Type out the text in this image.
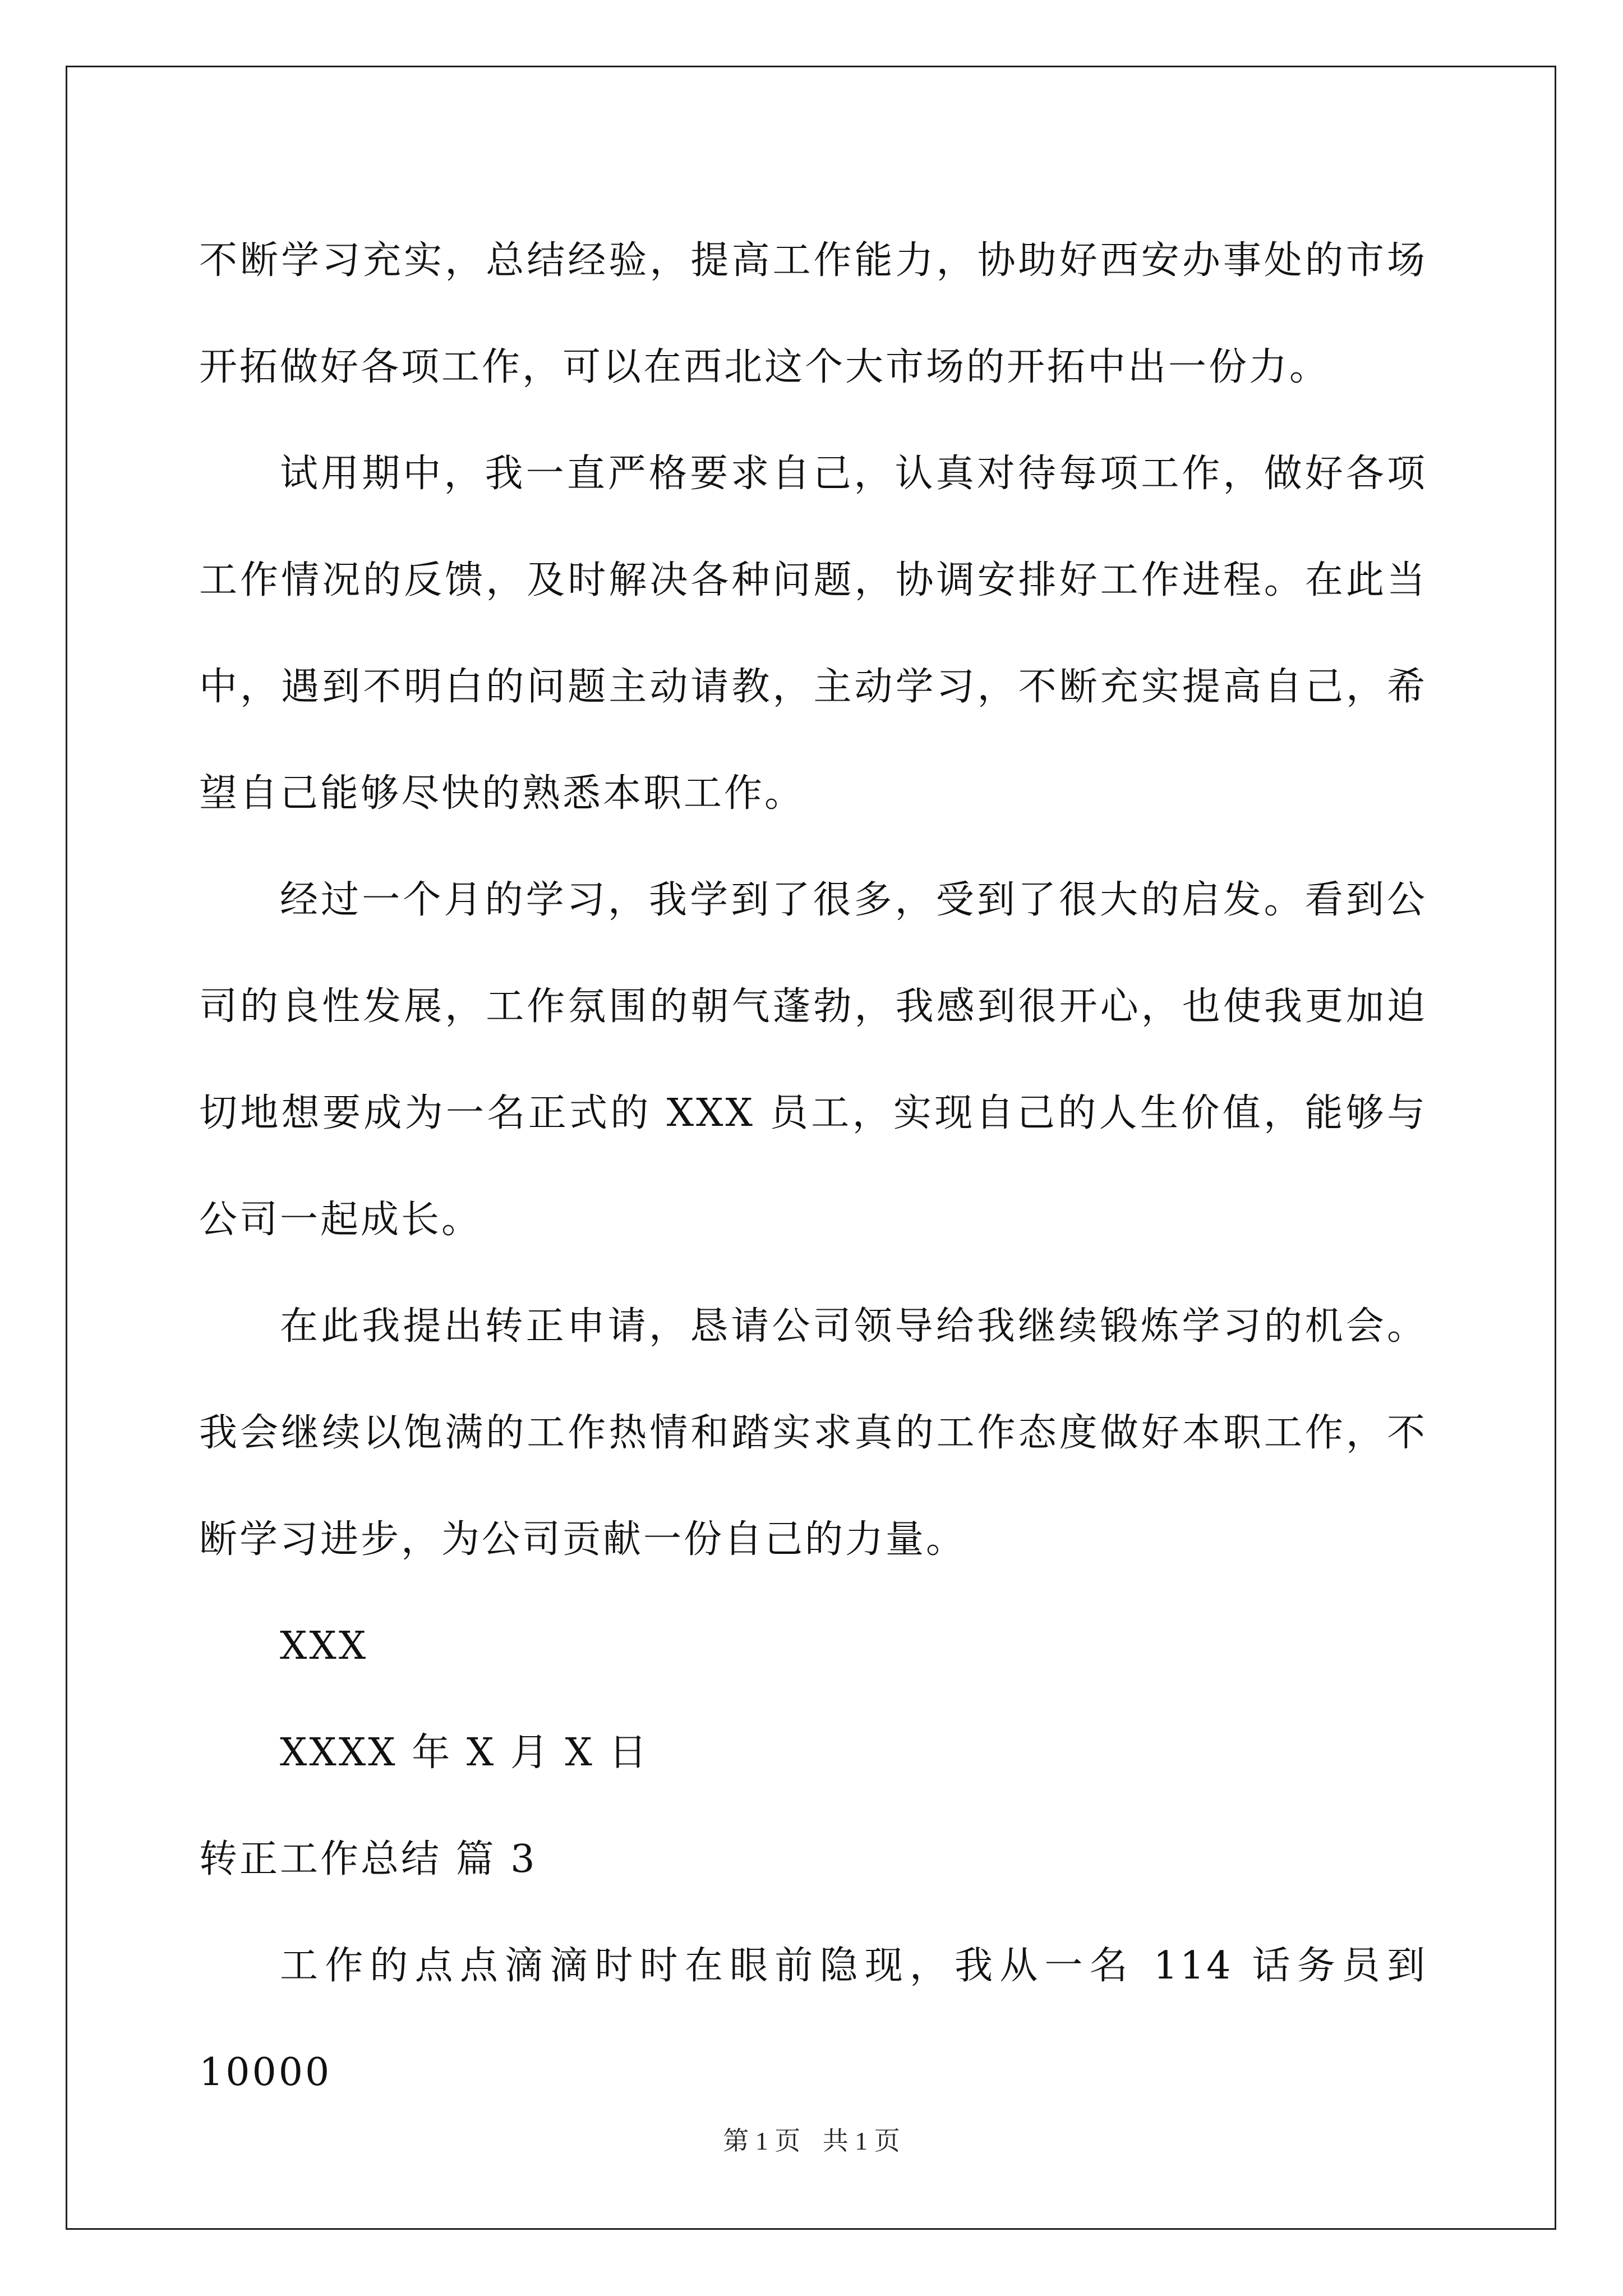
不断学习充实，总结经验，提高工作能力，协助好西安办事处的市场开拓做好各项工作，可以在西北这个大市场的开拓中出一份力。

试用期中，我一直严格要求自己，认真对待每项工作，做好各项工作情况的反馈，及时解决各种问题，协调安排好工作进程。在此当中，遇到不明白的问题主动请教，主动学习，不断充实提高自己，希望自己能够尽快的熟悉本职工作。

经过一个月的学习，我学到了很多，受到了很大的启发。看到公司的良性发展，工作氛围的朝气蓬勃，我感到很开心，也使我更加迫切地想要成为一名正式的 XXX 员工，实现自己的人生价值，能够与公司一起成长。

在此我提出转正申请，恳请公司领导给我继续锻炼学习的机会。我会继续以饱满的工作热情和踏实求真的工作态度做好本职工作，不断学习进步，为公司贡献一份自己的力量。

XXX

XXXX 年 X 月 X 日

转正工作总结 篇 3

工作的点点滴滴时时在眼前隐现，我从一名 114 话务员到 10000

第 1 页 共 1 页
